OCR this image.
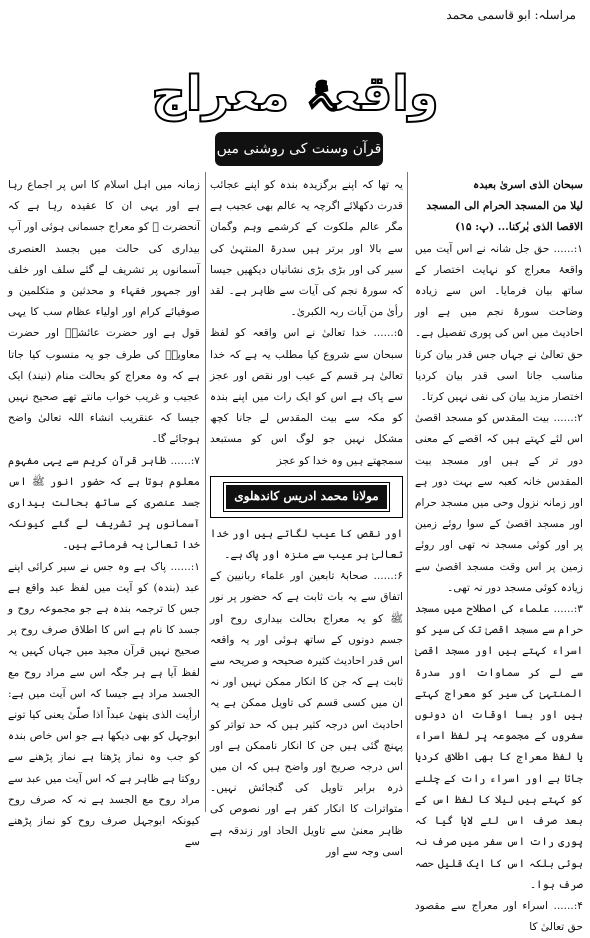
مراسلہ: ابو قاسمی محمد
واقعۂ معراج
قرآن وسنت کی روشنی میں

سبحان الذی اسریٰ بعبدہ

لیلا من المسجد الحرام الی المسجد

الاقصا الذی بٰرکنا... (پ: ۱۵)

۱:...... حق جل شانہ نے اس آیت میں واقعۂ معراج کو نہایت اختصار کے ساتھ بیان فرمایا۔ اس سے زیادہ وضاحت سورۂ نجم میں ہے اور احادیث میں اس کی پوری تفصیل ہے۔ حق تعالیٰ نے جہاں جس قدر بیان کرنا مناسب جانا اسی قدر بیان کردیا اختصار مزید بیان کی نفی نہیں کرتا۔

۲:...... بیت المقدس کو مسجد اقصیٰ اس لئے کہتے ہیں کہ اقصے کے معنی دور تر کے ہیں اور مسجد بیت المقدس خانہ کعبہ سے بہت دور ہے اور زمانہ نزول وحی میں مسجد حرام اور مسجد اقصیٰ کے سوا روئے زمین پر اور کوئی مسجد نہ تھی اور روئے زمین پر اس وقت مسجد اقصیٰ سے زیادہ کوئی مسجد دور نہ تھی۔

۳:...... علماء کی اصطلاح میں مسجد حرام سے مسجد اقصیٰ تک کی سیر کو اسراء کہتے ہیں اور مسجد اقصیٰ سے لے کر سماوات اور سدرۃ المنتہیٰ کی سیر کو معراج کہتے ہیں اور بسا اوقات ان دونوں سفروں کے مجموعہ پر لفظ اسراء یا لفظ معراج کا بھی اطلاق کردیا جاتا ہے اور اسراء رات کے چلنے کو کہتے ہیں لیلا کا لفظ اس کے بعد صرف اس لئے لایا گیا کہ پوری رات اس سفر میں صرف نہ ہوئی بلکہ اس کا ایک قلیل حصہ صرف ہوا۔

۴:...... اسراء اور معراج سے مقصود حق تعالیٰ کا

یہ تھا کہ اپنے برگزیدہ بندہ کو اپنے عجائب قدرت دکھلائے اگرچہ یہ عالم بھی عجیب ہے مگر عالم ملکوت کے کرشمے وہم وگمان سے بالا اور برتر ہیں سدرۃ المنتہیٰ کی سیر کی اور بڑی بڑی نشانیاں دیکھیں جیسا کہ سورۂ نجم کی آیات سے ظاہر ہے۔ لقد رأیٰ من آیات ربہ الکبریٰ۔

۵:...... خدا تعالیٰ نے اس واقعہ کو لفظ سبحان سے شروع کیا مطلب یہ ہے کہ خدا تعالیٰ ہر قسم کے عیب اور نقص اور عجز سے پاک ہے اس کو ایک رات میں اپنے بندہ کو مکہ سے بیت المقدس لے جانا کچھ مشکل نہیں جو لوگ اس کو مستبعد سمجھتے ہیں وہ خدا کو عجز

مولانا محمد ادریس کاندھلوی

اور نقص کا عیب لگاتے ہیں اور خدا تعالیٰ ہر عیب سے منزہ اور پاک ہے۔

۶:...... صحابۂ تابعین اور علماء ربانیین کے اتفاق سے یہ بات ثابت ہے کہ حضور پر نور ﷺ کو یہ معراج بحالت بیداری روح اور جسم دونوں کے ساتھ ہوئی اور یہ واقعہ اس قدر احادیث کثیرہ صحیحہ و صریحہ سے ثابت ہے کہ جن کا انکار ممکن نہیں اور نہ ان میں کسی قسم کی تاویل ممکن ہے یہ احادیث اس درجہ کثیر ہیں کہ حد تواتر کو پہنچ گئی ہیں جن کا انکار ناممکن ہے اور اس درجہ صریح اور واضح ہیں کہ ان میں ذرہ برابر تاویل کی گنجائش نہیں۔ متواترات کا انکار کفر ہے اور نصوص کی ظاہر معنیٰ سے تاویل الحاد اور زندقہ ہے اسی وجہ سے اور

زمانہ میں اہل اسلام کا اس پر اجماع رہا ہے اور یہی ان کا عقیدہ رہا ہے کہ آنحضرت ﷺ کو معراج جسمانی ہوئی اور آپ بیداری کی حالت میں بجسد العنصری آسمانوں پر تشریف لے گئے سلف اور خلف اور جمہور فقہاء و محدثین و متکلمین و صوفیائے کرام اور اولیاء عظام سب کا یہی قول ہے اور حضرت عائشہؓ اور حضرت معاویہؓ کی طرف جو یہ منسوب کیا جاتا ہے کہ وہ معراج کو بحالت منام (نیند) ایک عجیب و غریب خواب مانتے تھے صحیح نہیں جیسا کہ عنقریب انشاء اللہ تعالیٰ واضح ہوجائے گا۔

۷:...... ظاہر قرآن کریم سے یہی مفہوم معلوم ہوتا ہے کہ حضور انور ﷺ اس جسد عنصری کے ساتھ بحالت بیداری آسمانوں پر تشریف لے گئے کیونکہ خدا تعالیٰ یہ فرماتے ہیں۔

۱:...... پاک ہے وہ جس نے سیر کرائی اپنے عبد (بندہ) کو آیت میں لفظ عبد واقع ہے جس کا ترجمہ بندہ ہے جو مجموعہ روح و جسد کا نام ہے اس کا اطلاق صرف روح پر صحیح نہیں قرآن مجید میں جہاں کہیں یہ لفظ آیا ہے ہر جگہ اس سے مراد روح مع الجسد مراد ہے جیسا کہ اس آیت میں ہے: ارأیت الذی ینھیٰ عبداً اذا صلّیٰ یعنی کیا تونے ابوجہل کو بھی دیکھا ہے جو اس خاص بندہ کو جب وہ نماز پڑھتا ہے نماز پڑھنے سے روکتا ہے ظاہر ہے کہ اس آیت میں عبد سے مراد روح مع الجسد ہے نہ کہ صرف روح کیونکہ ابوجہل صرف روح کو نماز پڑھنے سے
